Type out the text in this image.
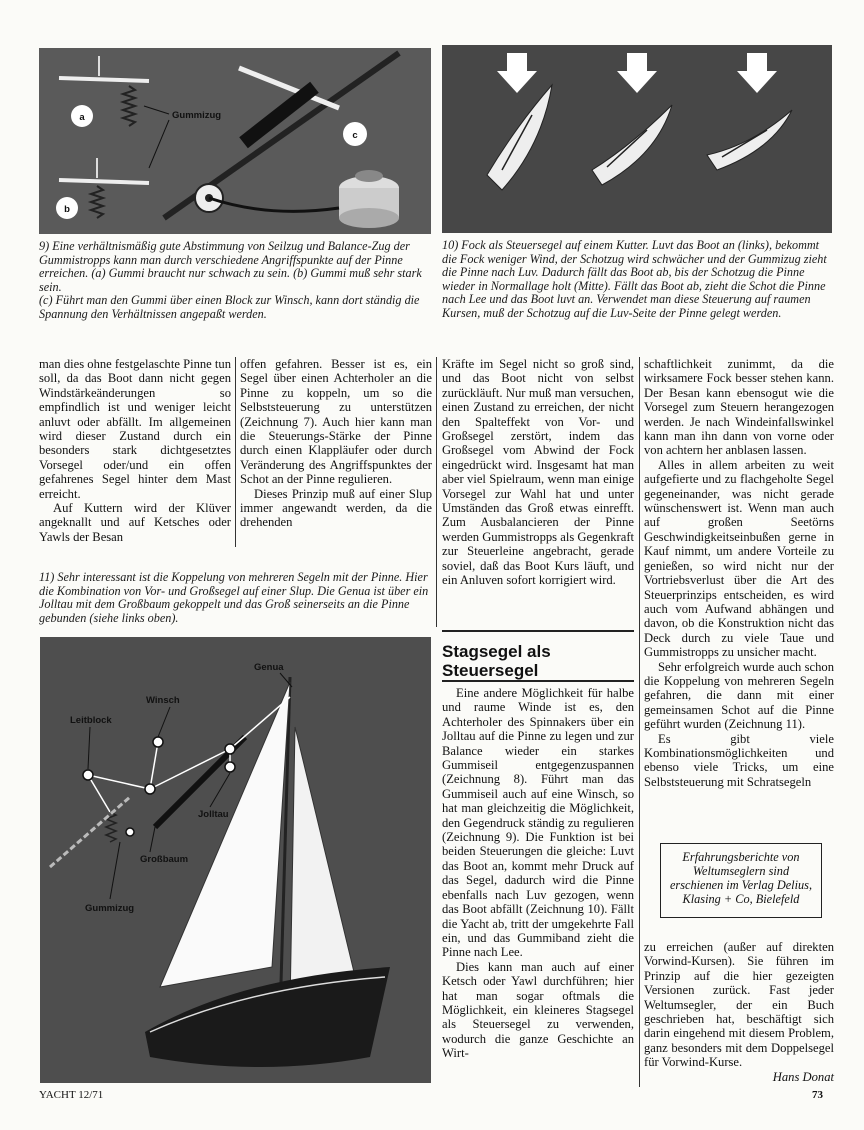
a
b
c
Gummizug

9) Eine verhältnismäßig gute Abstimmung von Seilzug und Balance-Zug der Gummistropps kann man durch verschiedene Angriffspunkte auf der Pinne erreichen. (a) Gummi braucht nur schwach zu sein. (b) Gummi muß sehr stark sein.

(c) Führt man den Gummi über einen Block zur Winsch, kann dort ständig die Spannung den Verhältnissen angepaßt werden.

10) Fock als Steuersegel auf einem Kutter. Luvt das Boot an (links), bekommt die Fock weniger Wind, der Schotzug wird schwächer und der Gummizug zieht die Pinne nach Luv. Dadurch fällt das Boot ab, bis der Schotzug die Pinne wieder in Normallage holt (Mitte). Fällt das Boot ab, zieht die Schot die Pinne nach Lee und das Boot luvt an. Verwendet man diese Steuerung auf raumen Kursen, muß der Schotzug auf die Luv-Seite der Pinne gelegt werden.

man dies ohne festgelaschte Pinne tun soll, da das Boot dann nicht gegen Windstärkeänderungen so empfindlich ist und weniger leicht anluvt oder abfällt. Im allgemeinen wird dieser Zustand durch ein besonders stark dichtgesetztes Vorsegel oder/und ein offen gefahrenes Segel hinter dem Mast erreicht.

Auf Kuttern wird der Klüver angeknallt und auf Ketsches oder Yawls der Besan

offen gefahren. Besser ist es, ein Segel über einen Achterholer an die Pinne zu koppeln, um so die Selbststeuerung zu unterstützen (Zeichnung 7). Auch hier kann man die Steuerungs-Stärke der Pinne durch einen Klappläufer oder durch Veränderung des Angriffspunktes der Schot an der Pinne regulieren.

Dieses Prinzip muß auf einer Slup immer angewandt werden, da die drehenden

Kräfte im Segel nicht so groß sind, und das Boot nicht von selbst zurückläuft. Nur muß man versuchen, einen Zustand zu erreichen, der nicht den Spalteffekt von Vor- und Großsegel zerstört, indem das Großsegel vom Abwind der Fock eingedrückt wird. Insgesamt hat man aber viel Spielraum, wenn man einige Vorsegel zur Wahl hat und unter Umständen das Groß etwas einrefft. Zum Ausbalancieren der Pinne werden Gummistropps als Gegenkraft zur Steuerleine angebracht, gerade soviel, daß das Boot Kurs läuft, und ein Anluven sofort korrigiert wird.

Stagsegel als Steuersegel

Eine andere Möglichkeit für halbe und raume Winde ist es, den Achterholer des Spinnakers über ein Jolltau auf die Pinne zu legen und zur Balance wieder ein starkes Gummiseil entgegenzuspannen (Zeichnung 8). Führt man das Gummiseil auch auf eine Winsch, so hat man gleichzeitig die Möglichkeit, den Gegendruck ständig zu regulieren (Zeichnung 9). Die Funktion ist bei beiden Steuerungen die gleiche: Luvt das Boot an, kommt mehr Druck auf das Segel, dadurch wird die Pinne ebenfalls nach Luv gezogen, wenn das Boot abfällt (Zeichnung 10). Fällt die Yacht ab, tritt der umgekehrte Fall ein, und das Gummiband zieht die Pinne nach Lee.

Dies kann man auch auf einer Ketsch oder Yawl durchführen; hier hat man sogar oftmals die Möglichkeit, ein kleineres Stagsegel als Steuersegel zu verwenden, wodurch die ganze Geschichte an Wirt-

schaftlichkeit zunimmt, da die wirksamere Fock besser stehen kann. Der Besan kann ebensogut wie die Vorsegel zum Steuern herangezogen werden. Je nach Windeinfallswinkel kann man ihn dann von vorne oder von achtern her anblasen lassen.

Alles in allem arbeiten zu weit aufgefierte und zu flachgeholte Segel gegeneinander, was nicht gerade wünschenswert ist. Wenn man auch auf großen Seetörns Geschwindigkeitseinbußen gerne in Kauf nimmt, um andere Vorteile zu genießen, so wird nicht nur der Vortriebsverlust über die Art des Steuerprinzips entscheiden, es wird auch vom Aufwand abhängen und davon, ob die Konstruktion nicht das Deck durch zu viele Taue und Gummistropps zu unsicher macht.

Sehr erfolgreich wurde auch schon die Koppelung von mehreren Segeln gefahren, die dann mit einer gemeinsamen Schot auf die Pinne geführt wurden (Zeichnung 11).

Es gibt viele Kombinationsmöglichkeiten und ebenso viele Tricks, um eine Selbststeuerung mit Schratsegeln

Erfahrungsberichte von Weltumseglern sind erschienen im Verlag Delius, Klasing + Co, Bielefeld

zu erreichen (außer auf direkten Vorwind-Kursen). Sie führen im Prinzip auf die hier gezeigten Versionen zurück. Fast jeder Weltumsegler, der ein Buch geschrieben hat, beschäftigt sich darin eingehend mit diesem Problem, ganz besonders mit dem Doppelsegel für Vorwind-Kurse.

Hans Donat
11) Sehr interessant ist die Koppelung von mehreren Segeln mit der Pinne. Hier die Kombination von Vor- und Großsegel auf einer Slup. Die Genua ist über ein Jolltau mit dem Großbaum gekoppelt und das Groß seinerseits an die Pinne gebunden (siehe links oben).
Genua
Winsch
Leitblock
Jolltau
Großbaum
Gummizug
YACHT 12/71	73
